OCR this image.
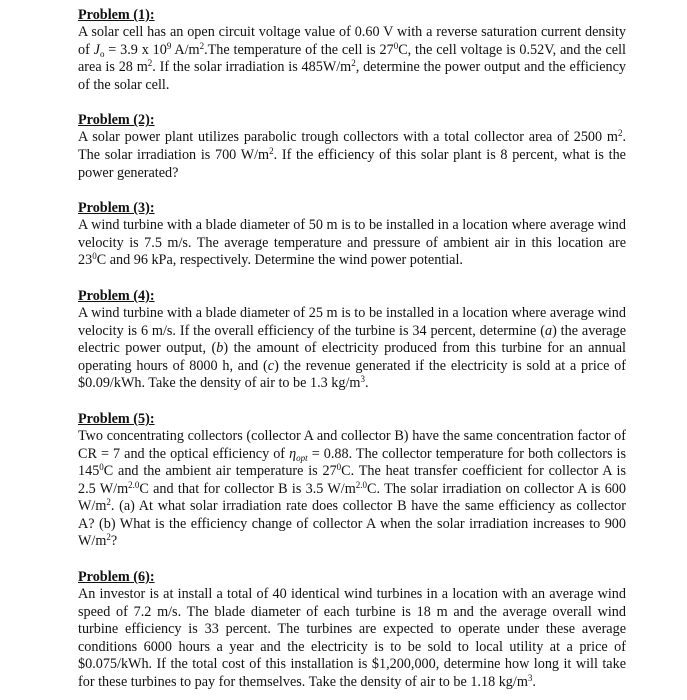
Problem (1):

A solar cell has an open circuit voltage value of 0.60 V with a reverse saturation current density of $J_o = 3.9$ x $10^9$ $A/m^2.The$ temperature of the cell is $27^0C$, the cell voltage is 0.52V, and the cell area is 28 $m^2$. If the solar irradiation is $485W/m^2$, determine the power output and the efficiency of the solar cell.

Problem (2):

A solar power plant utilizes parabolic trough collectors with a total collector area of 2500 $m^2$. The solar irradiation is 700 $W/m^2$. If the efficiency of this solar plant is 8 percent, what is the power generated?

Problem (3):

A wind turbine with a blade diameter of 50 m is to be installed in a location where average wind velocity is 7.5 m/s. The average temperature and pressure of ambient air in this location are $23^0C$ and 96 kPa, respectively. Determine the wind power potential.

Problem (4):

A wind turbine with a blade diameter of 25 m is to be installed in a location where average wind velocity is 6 m/s. If the overall efficiency of the turbine is 34 percent, determine (a) the average electric power output, (b) the amount of electricity produced from this turbine for an annual operating hours of 8000 h, and (c) the revenue generated if the electricity is sold at a price of $0.09/kWh. Take the density of air to be 1.3 $kg/m^3$.

Problem (5):

Two concentrating collectors (collector A and collector B) have the same concentration factor of CR = 7 and the optical efficiency of $\eta_{opt} = 0.88$. The collector temperature for both collectors is $145^0C$ and the ambient air temperature is $27^0C$. The heat transfer coefficient for collector A is 2.5 $W/m^{2.0}C$ and that for collector B is 3.5 $W/m^{2.0}C$. The solar irradiation on collector A is 600 $W/m^2$. (a) At what solar irradiation rate does collector B have the same efficiency as collector A? (b) What is the efficiency change of collector A when the solar irradiation increases to 900 $W/m^2$?

Problem (6):

An investor is at install a total of 40 identical wind turbines in a location with an average wind speed of 7.2 m/s. The blade diameter of each turbine is 18 m and the average overall wind turbine efficiency is 33 percent. The turbines are expected to operate under these average conditions 6000 hours a year and the electricity is to be sold to local utility at a price of $0.075/kWh. If the total cost of this installation is $1,200,000, determine how long it will take for these turbines to pay for themselves. Take the density of air to be 1.18 $kg/m^3$.
